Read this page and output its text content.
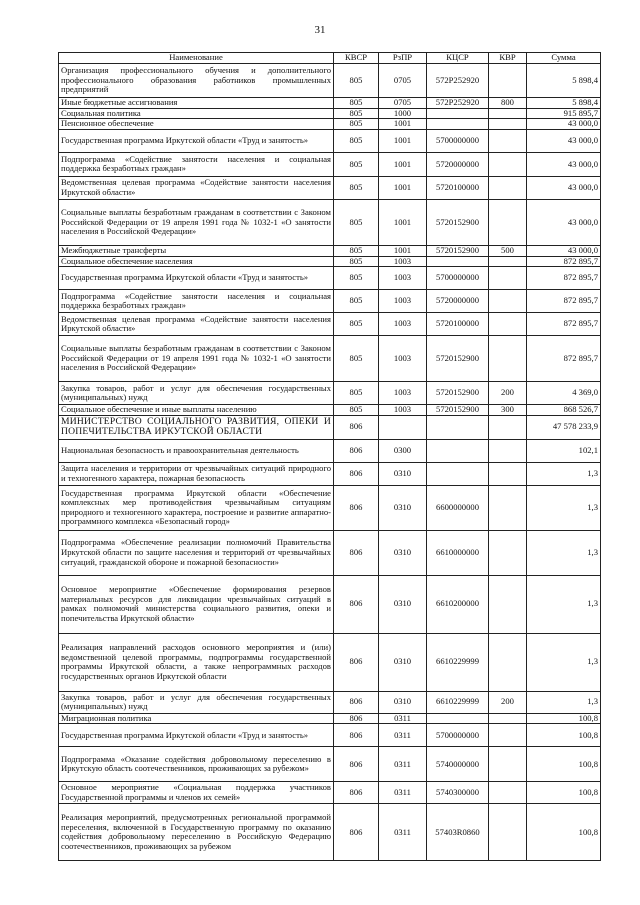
31
Наименование	КВСР	РзПР	КЦСР	КВР	Сумма
Организация профессионального обучения и дополнительного профессионального образования работников промышленных предприятий	805	0705	572P252920		5 898,4
Иные бюджетные ассигнования	805	0705	572P252920	800	5 898,4
Социальная политика	805	1000			915 895,7
Пенсионное обеспечение	805	1001			43 000,0
Государственная программа Иркутской области «Труд и занятость»	805	1001	5700000000		43 000,0
Подпрограмма «Содействие занятости населения и социальная поддержка безработных граждан»	805	1001	5720000000		43 000,0
Ведомственная целевая программа «Содействие занятости населения Иркутской области»	805	1001	5720100000		43 000,0
Социальные выплаты безработным гражданам в соответствии с Законом Российской Федерации от 19 апреля 1991 года № 1032-1 «О занятости населения в Российской Федерации»	805	1001	5720152900		43 000,0
Межбюджетные трансферты	805	1001	5720152900	500	43 000,0
Социальное обеспечение населения	805	1003			872 895,7
Государственная программа Иркутской области «Труд и занятость»	805	1003	5700000000		872 895,7
Подпрограмма «Содействие занятости населения и социальная поддержка безработных граждан»	805	1003	5720000000		872 895,7
Ведомственная целевая программа «Содействие занятости населения Иркутской области»	805	1003	5720100000		872 895,7
Социальные выплаты безработным гражданам в соответствии с Законом Российской Федерации от 19 апреля 1991 года № 1032-1 «О занятости населения в Российской Федерации»	805	1003	5720152900		872 895,7
Закупка товаров, работ и услуг для обеспечения государственных (муниципальных) нужд	805	1003	5720152900	200	4 369,0
Социальное обеспечение и иные выплаты населению	805	1003	5720152900	300	868 526,7
МИНИСТЕРСТВО СОЦИАЛЬНОГО РАЗВИТИЯ, ОПЕКИ И ПОПЕЧИТЕЛЬСТВА ИРКУТСКОЙ ОБЛАСТИ	806				47 578 233,9
Национальная безопасность и правоохранительная деятельность	806	0300			102,1
Защита населения и территории от чрезвычайных ситуаций природного и техногенного характера, пожарная безопасность	806	0310			1,3
Государственная программа Иркутской области «Обеспечение комплексных мер противодействия чрезвычайным ситуациям природного и техногенного характера, построение и развитие аппаратно-программного комплекса «Безопасный город»	806	0310	6600000000		1,3
Подпрограмма «Обеспечение реализации полномочий Правительства Иркутской области по защите населения и территорий от чрезвычайных ситуаций, гражданской обороне и пожарной безопасности»	806	0310	6610000000		1,3
Основное мероприятие «Обеспечение формирования резервов материальных ресурсов для ликвидации чрезвычайных ситуаций в рамках полномочий министерства социального развития, опеки и попечительства Иркутской области»	806	0310	6610200000		1,3
Реализация направлений расходов основного мероприятия и (или) ведомственной целевой программы, подпрограммы государственной программы Иркутской области, а также непрограммных расходов государственных органов Иркутской области	806	0310	6610229999		1,3
Закупка товаров, работ и услуг для обеспечения государственных (муниципальных) нужд	806	0310	6610229999	200	1,3
Миграционная политика	806	0311			100,8
Государственная программа Иркутской области «Труд и занятость»	806	0311	5700000000		100,8
Подпрограмма «Оказание содействия добровольному переселению в Иркутскую область соотечественников, проживающих за рубежом»	806	0311	5740000000		100,8
Основное мероприятие «Социальная поддержка участников Государственной программы и членов их семей»	806	0311	5740300000		100,8
Реализация мероприятий, предусмотренных региональной программой переселения, включенной в Государственную программу по оказанию содействия добровольному переселению в Российскую Федерацию соотечественников, проживающих за рубежом	806	0311	57403R0860		100,8
